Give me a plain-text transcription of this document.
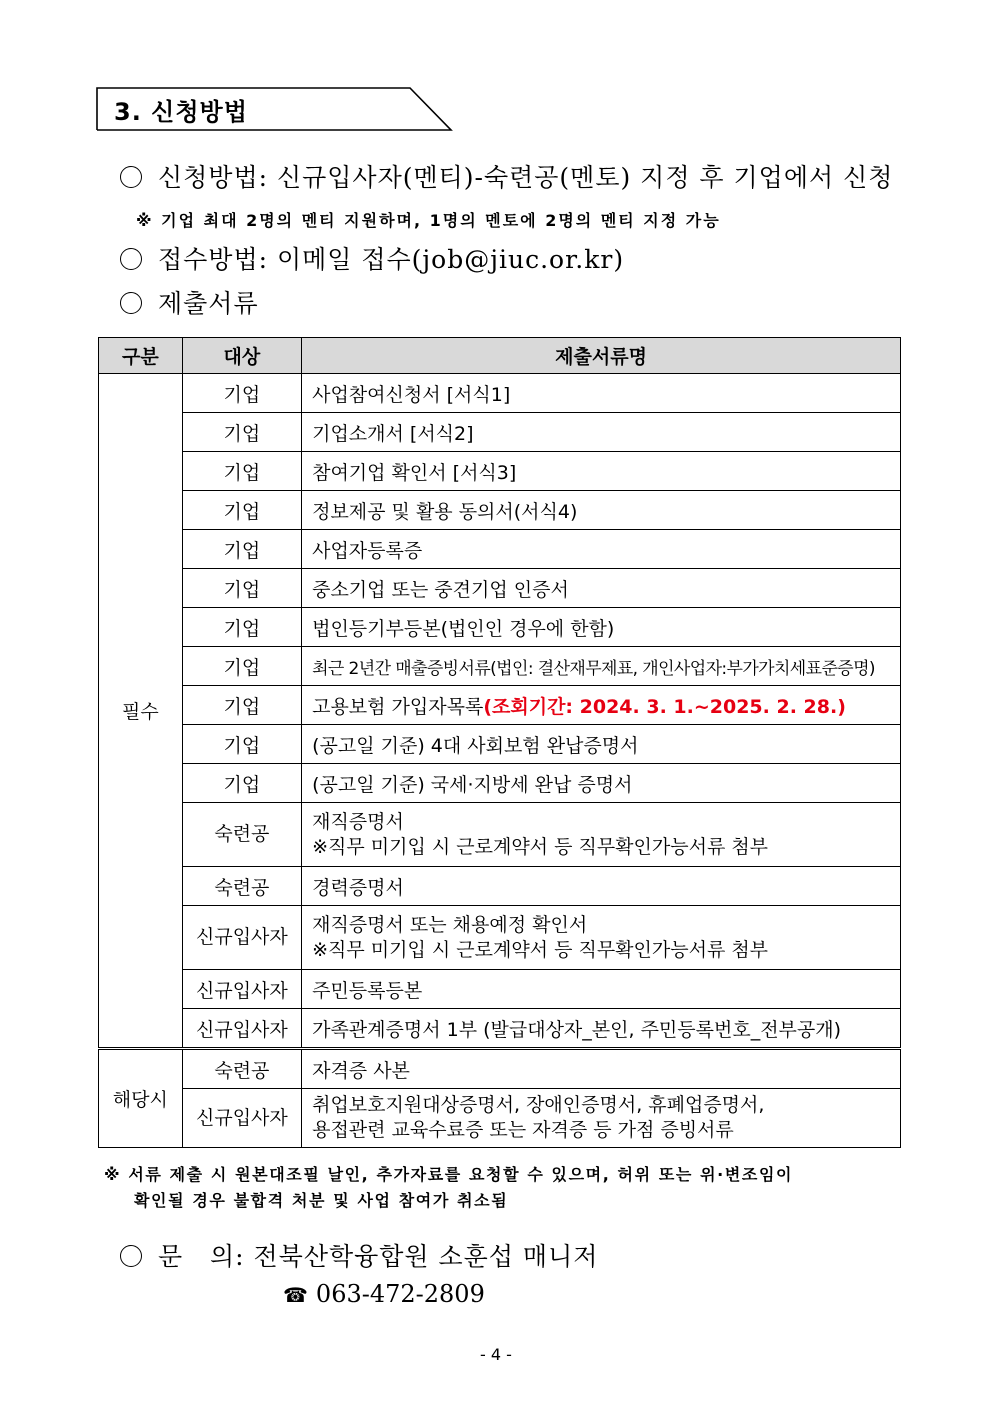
3. 신청방법
신청방법: 신규입사자(멘티)-숙련공(멘토) 지정 후 기업에서 신청
※ 기업 최대 2명의 멘티 지원하며, 1명의 멘토에 2명의 멘티 지정 가능
접수방법: 이메일 접수(job@jiuc.or.kr)
제출서류
구분	대상	제출서류명
필수	기업	사업참여신청서 [서식1]
	기업	기업소개서 [서식2]
	기업	참여기업 확인서 [서식3]
	기업	정보제공 및 활용 동의서(서식4)
	기업	사업자등록증
	기업	중소기업 또는 중견기업 인증서
	기업	법인등기부등본(법인인 경우에 한함)
	기업	최근 2년간 매출증빙서류(법인: 결산재무제표, 개인사업자:부가가치세표준증명)
	기업	고용보험 가입자목록(조회기간: 2024. 3. 1.~2025. 2. 28.)
	기업	(공고일 기준) 4대 사회보험 완납증명서
	기업	(공고일 기준) 국세·지방세 완납 증명서
	숙련공	재직증명서
※직무 미기입 시 근로계약서 등 직무확인가능서류 첨부

	숙련공	경력증명서
	신규입사자	재직증명서 또는 채용예정 확인서
※직무 미기입 시 근로계약서 등 직무확인가능서류 첨부

	신규입사자	주민등록등본
	신규입사자	가족관계증명서 1부 (발급대상자_본인, 주민등록번호_전부공개)
해당시	숙련공	자격증 사본
	신규입사자	취업보호지원대상증명서, 장애인증명서, 휴폐업증명서,
용접관련 교육수료증 또는 자격증 등 가점 증빙서류
※ 서류 제출 시 원본대조필 날인, 추가자료를 요청할 수 있으며, 허위 또는 위·변조임이
확인될 경우 불합격 처분 및 사업 참여가 취소됨
문   의: 전북산학융합원 소훈섭 매니저
☎ 063-472-2809
- 4 -
